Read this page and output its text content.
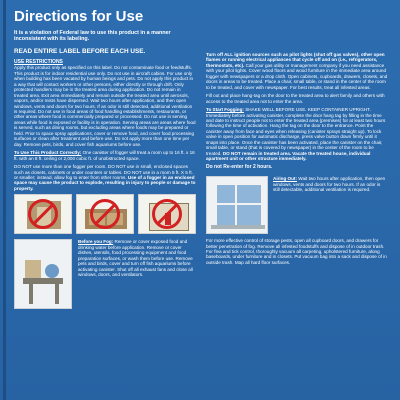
Directions for Use
It is a violation of Federal law to use this product in a manner inconsistent with its labeling.
READ ENTIRE LABEL BEFORE EACH USE.
USE RESTRICTIONS

Apply this product only as specified on this label. Do not contaminate food or feedstuffs. This product is for indoor residential use only. Do not use in aircraft cabins. For use only when building has been vacated by human beings and pets. Do not apply this product in a way that will contact workers or other persons, either directly or through drift. Only protected handlers may be in the treated area during application. Do not remain in treated area. Exit area immediately and remain outside the treated area until aerosols, vapors, and/or mists have dispersed. Wait two hours after application, and then open windows, vents and doors for two hours. If an odor is still detected, additional ventilation is required. Do not use in food areas of food handling establishments, restaurants, or other areas where food is commercially prepared or processed. Do not use in serving areas while food is exposed or facility is in operation. Serving areas are areas where food is served, such as dining rooms, but excluding areas where foods may be prepared or held. Prior to space spray applications, cover or remove food, and cover food processing surfaces or clean after treatment and before use. Do not apply more than one time per day. Remove pets, birds, and cover fish aquariums before use.

To Use This Product Correctly: One canister of fogger will treat a room up to 16 ft. x 16 ft. with an 8 ft. ceiling or 2,000 cubic ft. of unobstructed space.

DO NOT use more than one fogger per room. DO NOT use in small, enclosed spaces such as closets, cabinets or under counters or tables. DO NOT use in a room 5 ft. X 5 ft. or smaller; instead, allow fog to enter from other rooms. Use of a fogger in an enclosed space may cause the product to explode, resulting in injury to people or damage to property.

Before you Fog: Remove or cover exposed food and drinking water before application. Remove or cover dishes, utensils, food processing equipment and food preparation surfaces, or wash them before use. Remove pets and birds, cover and turn off fish aquariums before activating canister. Shut off all exhaust fans and close all windows, doors, and ventilators.

Turn off ALL ignition sources such as pilot lights (shut off gas valves), other open flames or running electrical appliances that cycle off and on (i.e., refrigerators, thermostats, etc). Call your gas utility or management company if you need assistance with your pilot lights. Cover wood floors and wood furniture in the immediate area around fogger with newspapers or a drop cloth. Open cabinets, cupboards, drawers, closets, and doors in areas to be treated. Place a chair, small table, or stand in the center of the room to be treated, and cover with newspaper. For best results, treat all infested areas.

Fill out and place hang-tag on the door to the treated area to alert family and others with access to the treated area not to enter the area.

To Start Fogging: SHAKE WELL BEFORE USE. KEEP CONTAINER UPRIGHT. Immediately before activating canister, complete the door hang tag by filling in the time and date to instruct people not to enter the treated area (premises) for at least two hours following the time of activation. Hang the tag on the door to the entrance. Point the canister away from face and eyes when releasing (canister sprays straight up). To lock valve in open position for automatic discharge, press valve button down firmly until it snaps into place. Once the canister has been activated, place the canister on the chair, small table, or stand (that is covered by newspaper) in the center of the room to be treated. DO NOT remain in treated area. Vacate the treated house, individual apartment unit or other structure immediately.

Do not Re-enter for 2 hours.
Airing Out: Wait two hours after application, then open windows, vents and doors for two hours. If an odor is still detectable, additional ventilation is required.

For more effective control of storage pests, open all cupboard doors, and drawers for better penetration of fog. Remove all infested foodstuffs and dispose of in outdoor trash. For flea and tick control, thoroughly vacuum all carpeting, upholstered furniture, along baseboards, under furniture and in closets. Put vacuum bag into a sack and dispose of in outside trash. Map all hard floor surfaces.
